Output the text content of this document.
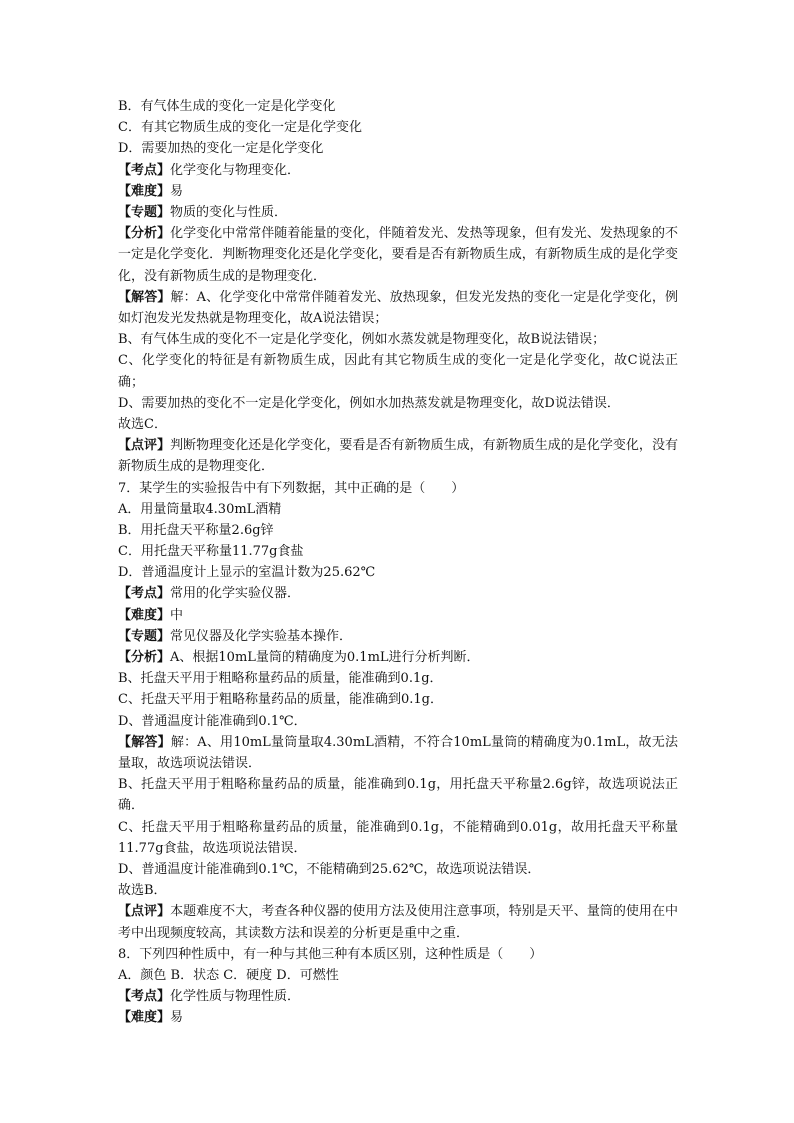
B．有气体生成的变化一定是化学变化
C．有其它物质生成的变化一定是化学变化
D．需要加热的变化一定是化学变化
【考点】化学变化与物理变化．
【难度】易
【专题】物质的变化与性质．
【分析】化学变化中常常伴随着能量的变化，伴随着发光、发热等现象，但有发光、发热现象的不一定是化学变化．判断物理变化还是化学变化，要看是否有新物质生成，有新物质生成的是化学变化，没有新物质生成的是物理变化．
【解答】解：A、化学变化中常常伴随着发光、放热现象，但发光发热的变化一定是化学变化，例如灯泡发光发热就是物理变化，故A说法错误；
B、有气体生成的变化不一定是化学变化，例如水蒸发就是物理变化，故B说法错误；
C、化学变化的特征是有新物质生成，因此有其它物质生成的变化一定是化学变化，故C说法正确；
D、需要加热的变化不一定是化学变化，例如水加热蒸发就是物理变化，故D说法错误．
故选C．
【点评】判断物理变化还是化学变化，要看是否有新物质生成，有新物质生成的是化学变化，没有新物质生成的是物理变化．
7．某学生的实验报告中有下列数据，其中正确的是（　　）
A．用量筒量取4.30mL酒精
B．用托盘天平称量2.6g锌
C．用托盘天平称量11.77g食盐
D．普通温度计上显示的室温计数为25.62℃
【考点】常用的化学实验仪器．
【难度】中
【专题】常见仪器及化学实验基本操作．
【分析】A、根据10mL量筒的精确度为0.1mL进行分析判断．
B、托盘天平用于粗略称量药品的质量，能准确到0.1g．
C、托盘天平用于粗略称量药品的质量，能准确到0.1g．
D、普通温度计能准确到0.1℃．
【解答】解：A、用10mL量筒量取4.30mL酒精，不符合10mL量筒的精确度为0.1mL，故无法量取，故选项说法错误．
B、托盘天平用于粗略称量药品的质量，能准确到0.1g，用托盘天平称量2.6g锌，故选项说法正确．
C、托盘天平用于粗略称量药品的质量，能准确到0.1g，不能精确到0.01g，故用托盘天平称量11.77g食盐，故选项说法错误．
D、普通温度计能准确到0.1℃，不能精确到25.62℃，故选项说法错误．
故选B．
【点评】本题难度不大，考查各种仪器的使用方法及使用注意事项，特别是天平、量筒的使用在中考中出现频度较高，其读数方法和误差的分析更是重中之重．
8．下列四种性质中，有一种与其他三种有本质区别，这种性质是（　　）
A．颜色 B．状态 C．硬度 D．可燃性
【考点】化学性质与物理性质．
【难度】易
